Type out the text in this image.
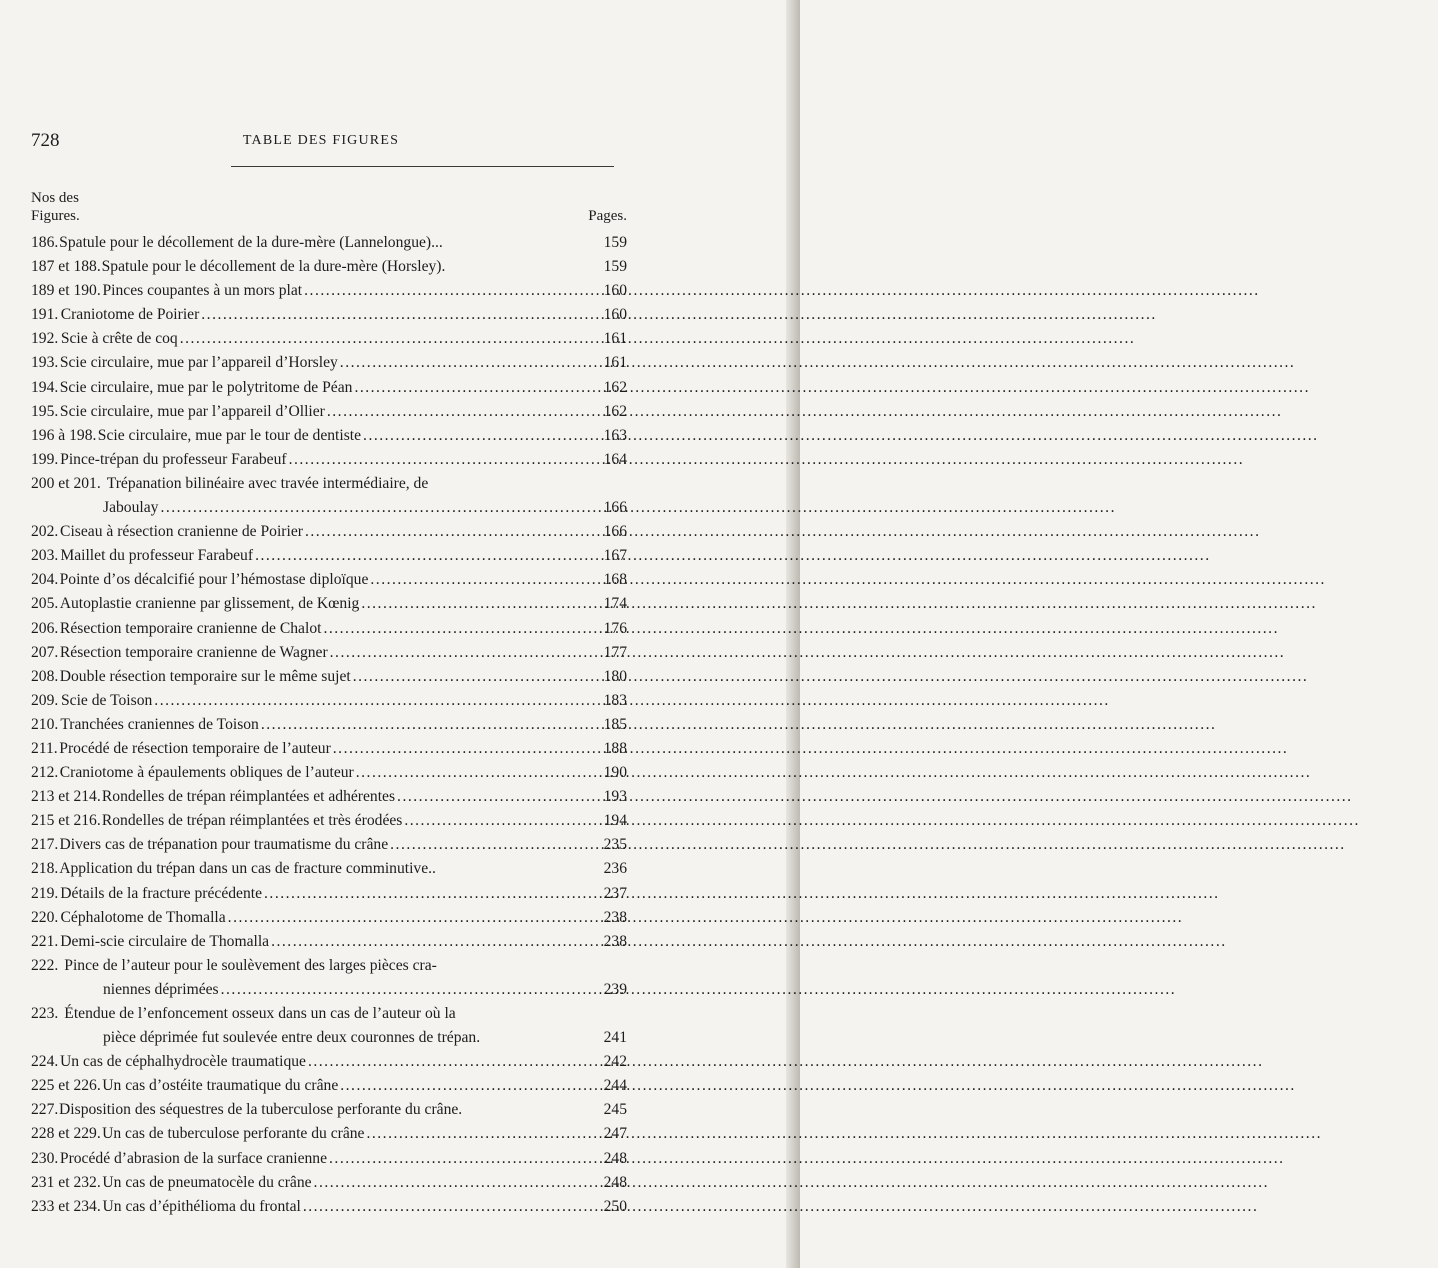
728	TABLE DES FIGURES
Nos des
Figures.	Pages.
186. Spatule pour le décollement de la dure-mère (Lannelongue)...	159
187 et 188. Spatule pour le décollement de la dure-mère (Horsley).	159
189 et 190. Pinces coupantes à un mors plat .....	160
191. Craniotome de Poirier .....	160
192. Scie à crête de coq .....	161
193. Scie circulaire, mue par l’appareil d’Horsley .....	161
194. Scie circulaire, mue par le polytritome de Péan .....	162
195. Scie circulaire, mue par l’appareil d’Ollier .....	162
196 à 198. Scie circulaire, mue par le tour de dentiste .....	163
199. Pince-trépan du professeur Farabeuf .....	164
200 et 201. Trépanation bilinéaire avec travée intermédiaire, de
Jaboulay .....	166
202. Ciseau à résection cranienne de Poirier .....	166
203. Maillet du professeur Farabeuf .....	167
204. Pointe d’os décalcifié pour l’hémostase diploïque .....	168
205. Autoplastie cranienne par glissement, de Kœnig .....	174
206. Résection temporaire cranienne de Chalot .....	176
207. Résection temporaire cranienne de Wagner .....	177
208. Double résection temporaire sur le même sujet .....	180
209. Scie de Toison .....	183
210. Tranchées craniennes de Toison .....	185
211. Procédé de résection temporaire de l’auteur .....	188
212. Craniotome à épaulements obliques de l’auteur .....	190
213 et 214. Rondelles de trépan réimplantées et adhérentes .....	193
215 et 216. Rondelles de trépan réimplantées et très érodées .....	194
217. Divers cas de trépanation pour traumatisme du crâne .....	235
218. Application du trépan dans un cas de fracture comminutive..	236
219. Détails de la fracture précédente .....	237
220. Céphalotome de Thomalla .....	238
221. Demi-scie circulaire de Thomalla .....	238
222. Pince de l’auteur pour le soulèvement des larges pièces cra-
niennes déprimées .....	239
223. Étendue de l’enfoncement osseux dans un cas de l’auteur où la
pièce déprimée fut soulevée entre deux couronnes de trépan.	241
224. Un cas de céphalhydrocèle traumatique .....	242
225 et 226. Un cas d’ostéite traumatique du crâne .....	244
227. Disposition des séquestres de la tuberculose perforante du crâne.	245
228 et 229. Un cas de tuberculose perforante du crâne .....	247
230. Procédé d’abrasion de la surface cranienne .....	248
231 et 232. Un cas de pneumatocèle du crâne .....	248
233 et 234. Un cas d’épithélioma du frontal .....	250
